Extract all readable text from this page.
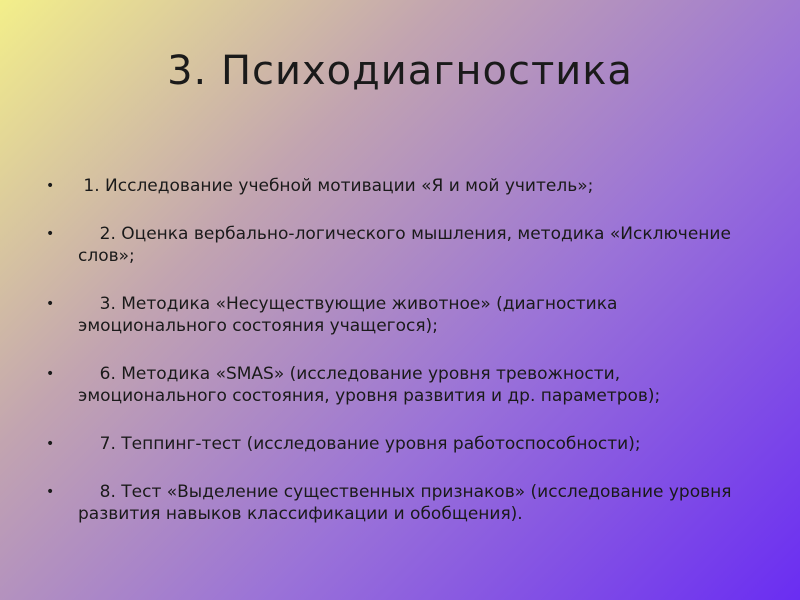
3. Психодиагностика
•	1. Исследование учебной мотивации «Я и мой учитель»;
•	2. Оценка вербально-логического мышления, методика «Исключение слов»;
•	3. Методика «Несуществующие животное» (диагностика эмоционального состояния учащегося);
•	6. Методика «SMAS» (исследование уровня тревожности, эмоционального состояния, уровня развития и др. параметров);
•	7. Теппинг-тест (исследование уровня работоспособности);
•	8. Тест «Выделение существенных признаков» (исследование уровня развития навыков классификации и обобщения).
